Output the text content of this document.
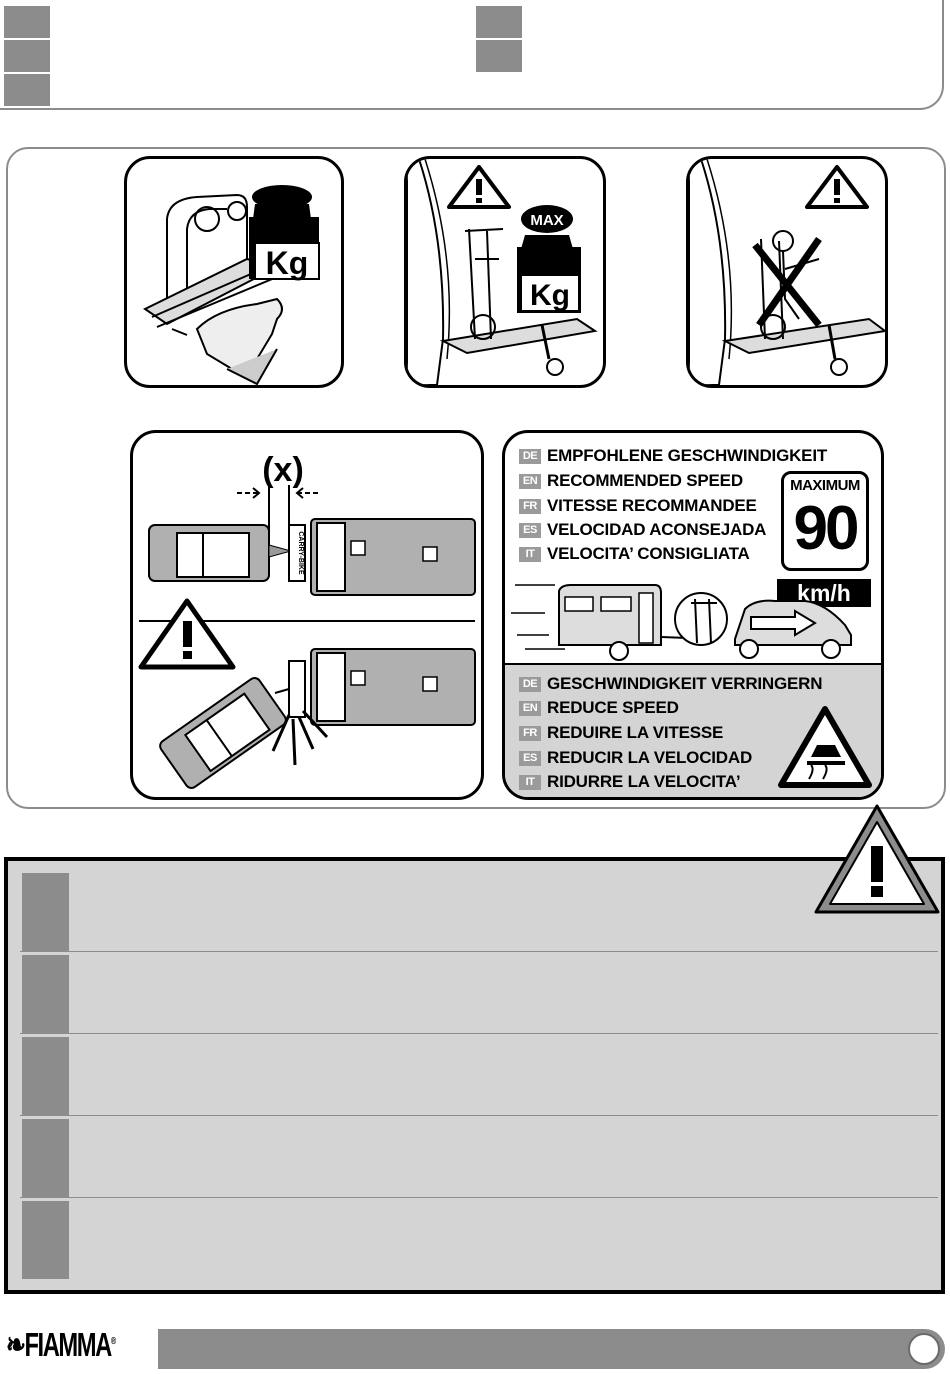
Kg
MAX
Kg
(x)
CARRY-BIKE
DE EMPFOHLENE GESCHWINDIGKEIT
EN RECOMMENDED SPEED
FR VITESSE RECOMMANDEE
ES VELOCIDAD ACONSEJADA
IT VELOCITA’ CONSIGLIATA
MAXIMUM
90
km/h
DE GESCHWINDIGKEIT VERRINGERN
EN REDUCE SPEED
FR REDUIRE LA VITESSE
ES REDUCIR LA VELOCIDAD
IT RIDURRE LA VELOCITA’
❧FIAMMA®
